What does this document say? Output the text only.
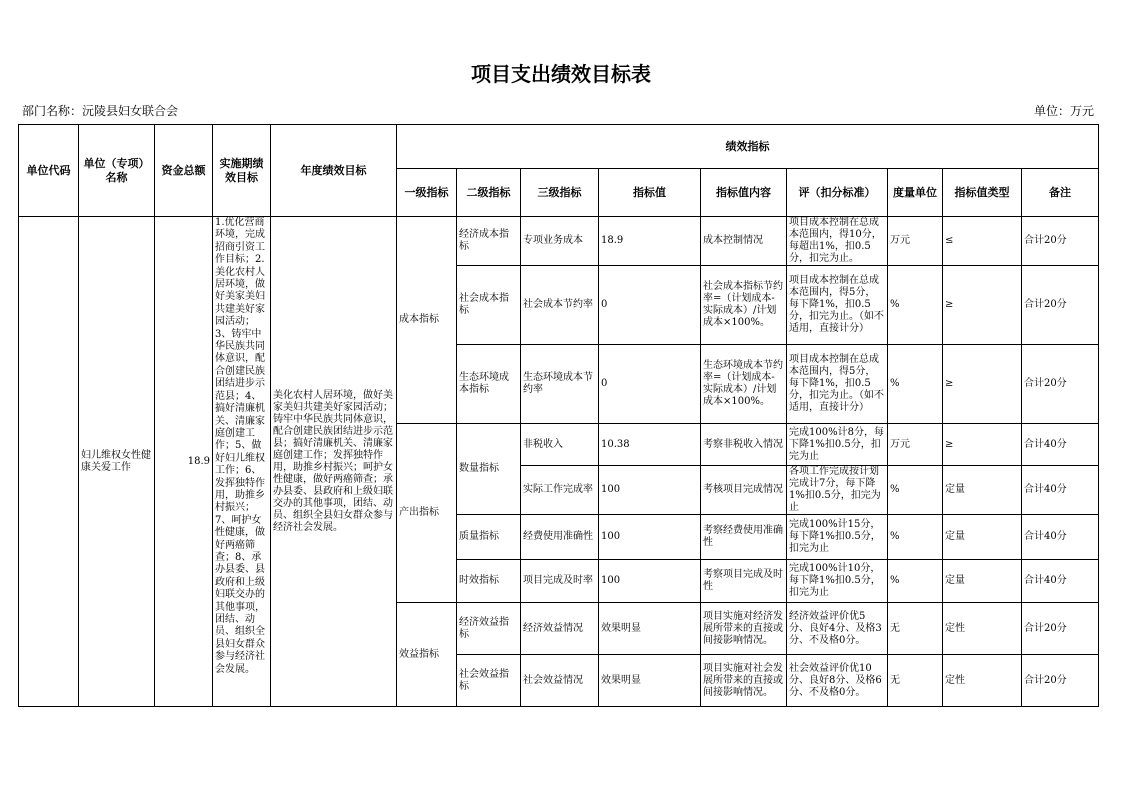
项目支出绩效目标表
部门名称：沅陵县妇女联合会	单位：万元
单位代码	单位（专项）名称	资金总额	实施期绩效目标	年度绩效目标	绩效指标								
					一级指标	二级指标	三级指标	指标值	指标值内容	评（扣分标准）	度量单位	指标值类型	备注
	妇儿维权女性健康关爱工作	18.9	1.优化营商环境，完成招商引资工作目标；2.美化农村人居环境，做好美家美妇共建美好家园活动；3、铸牢中华民族共同体意识，配合创建民族团结进步示范县；4、搞好清廉机关、清廉家庭创建工作；5、做好妇儿维权工作；6、发挥独特作用，助推乡村振兴；7、呵护女性健康，做好两癌筛查；8、承办县委、县政府和上级妇联交办的其他事项，团结、动员、组织全县妇女群众参与经济社会发展。	美化农村人居环境，做好美家美妇共建美好家园活动；铸牢中华民族共同体意识，配合创建民族团结进步示范县；搞好清廉机关、清廉家庭创建工作；发挥独特作用，助推乡村振兴；呵护女性健康，做好两癌筛查；承办县委、县政府和上级妇联交办的其他事项，团结、动员、组织全县妇女群众参与经济社会发展。	成本指标	经济成本指标	专项业务成本	18.9	成本控制情况	项目成本控制在总成本范围内，得10分，每超出1%，扣0.5分，扣完为止。	万元	≤	合计20分
						社会成本指标	社会成本节约率	0	社会成本指标节约率=（计划成本-实际成本）/计划成本×100%。	项目成本控制在总成本范围内，得5分，每下降1%，扣0.5分，扣完为止。（如不适用，直接计分）	%	≥	合计20分
						生态环境成本指标	生态环境成本节约率	0	生态环境成本节约率=（计划成本-实际成本）/计划成本×100%。	项目成本控制在总成本范围内，得5分，每下降1%，扣0.5分，扣完为止。（如不适用，直接计分）	%	≥	合计20分
					产出指标	数量指标	非税收入	10.38	考察非税收入情况	完成100%计8分，每下降1%扣0.5分，扣完为止	万元	≥	合计40分
							实际工作完成率	100	考核项目完成情况	各项工作完成按计划完成计7分，每下降1%扣0.5分，扣完为止	%	定量	合计40分
						质量指标	经费使用准确性	100	考察经费使用准确性	完成100%计15分，每下降1%扣0.5分，扣完为止	%	定量	合计40分
						时效指标	项目完成及时率	100	考察项目完成及时性	完成100%计10分，每下降1%扣0.5分，扣完为止	%	定量	合计40分
					效益指标	经济效益指标	经济效益情况	效果明显	项目实施对经济发展所带来的直接或间接影响情况。	经济效益评价优5分、良好4分、及格3分、不及格0分。	无	定性	合计20分
						社会效益指标	社会效益情况	效果明显	项目实施对社会发展所带来的直接或间接影响情况。	社会效益评价优10分、良好8分、及格6分、不及格0分。	无	定性	合计20分
